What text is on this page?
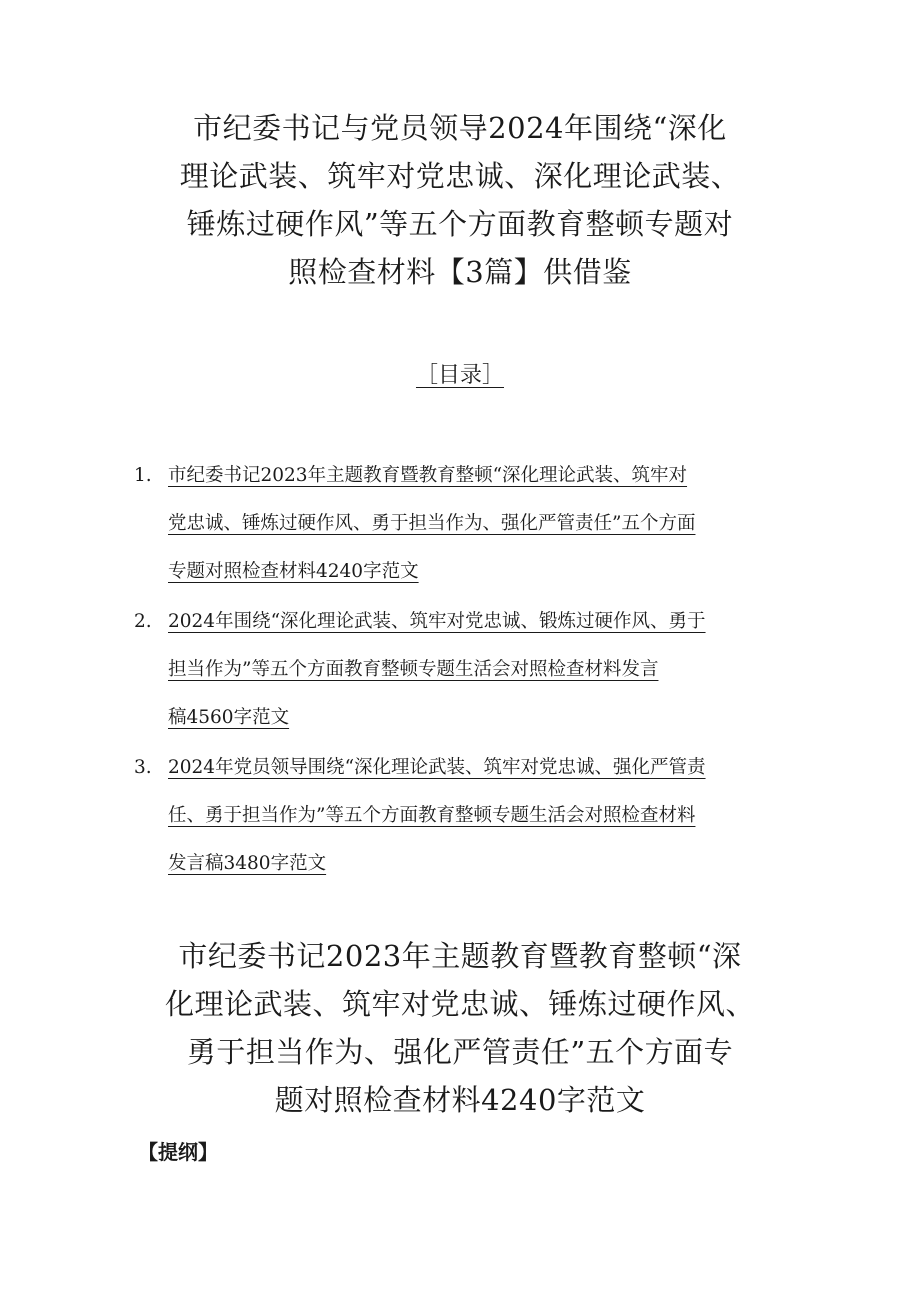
市纪委书记与党员领导2024年围绕“深化
理论武装、筑牢对党忠诚、深化理论武装、
锤炼过硬作风”等五个方面教育整顿专题对
照检查材料【3篇】供借鉴
［目录］
1. 市纪委书记2023年主题教育暨教育整顿“深化理论武装、筑牢对
党忠诚、锤炼过硬作风、勇于担当作为、强化严管责任”五个方面
专题对照检查材料4240字范文
2. 2024年围绕“深化理论武装、筑牢对党忠诚、锻炼过硬作风、勇于
担当作为”等五个方面教育整顿专题生活会对照检查材料发言
稿4560字范文
3. 2024年党员领导围绕“深化理论武装、筑牢对党忠诚、强化严管责
任、勇于担当作为”等五个方面教育整顿专题生活会对照检查材料
发言稿3480字范文
市纪委书记2023年主题教育暨教育整顿“深
化理论武装、筑牢对党忠诚、锤炼过硬作风、
勇于担当作为、强化严管责任”五个方面专
题对照检查材料4240字范文

【提纲】
